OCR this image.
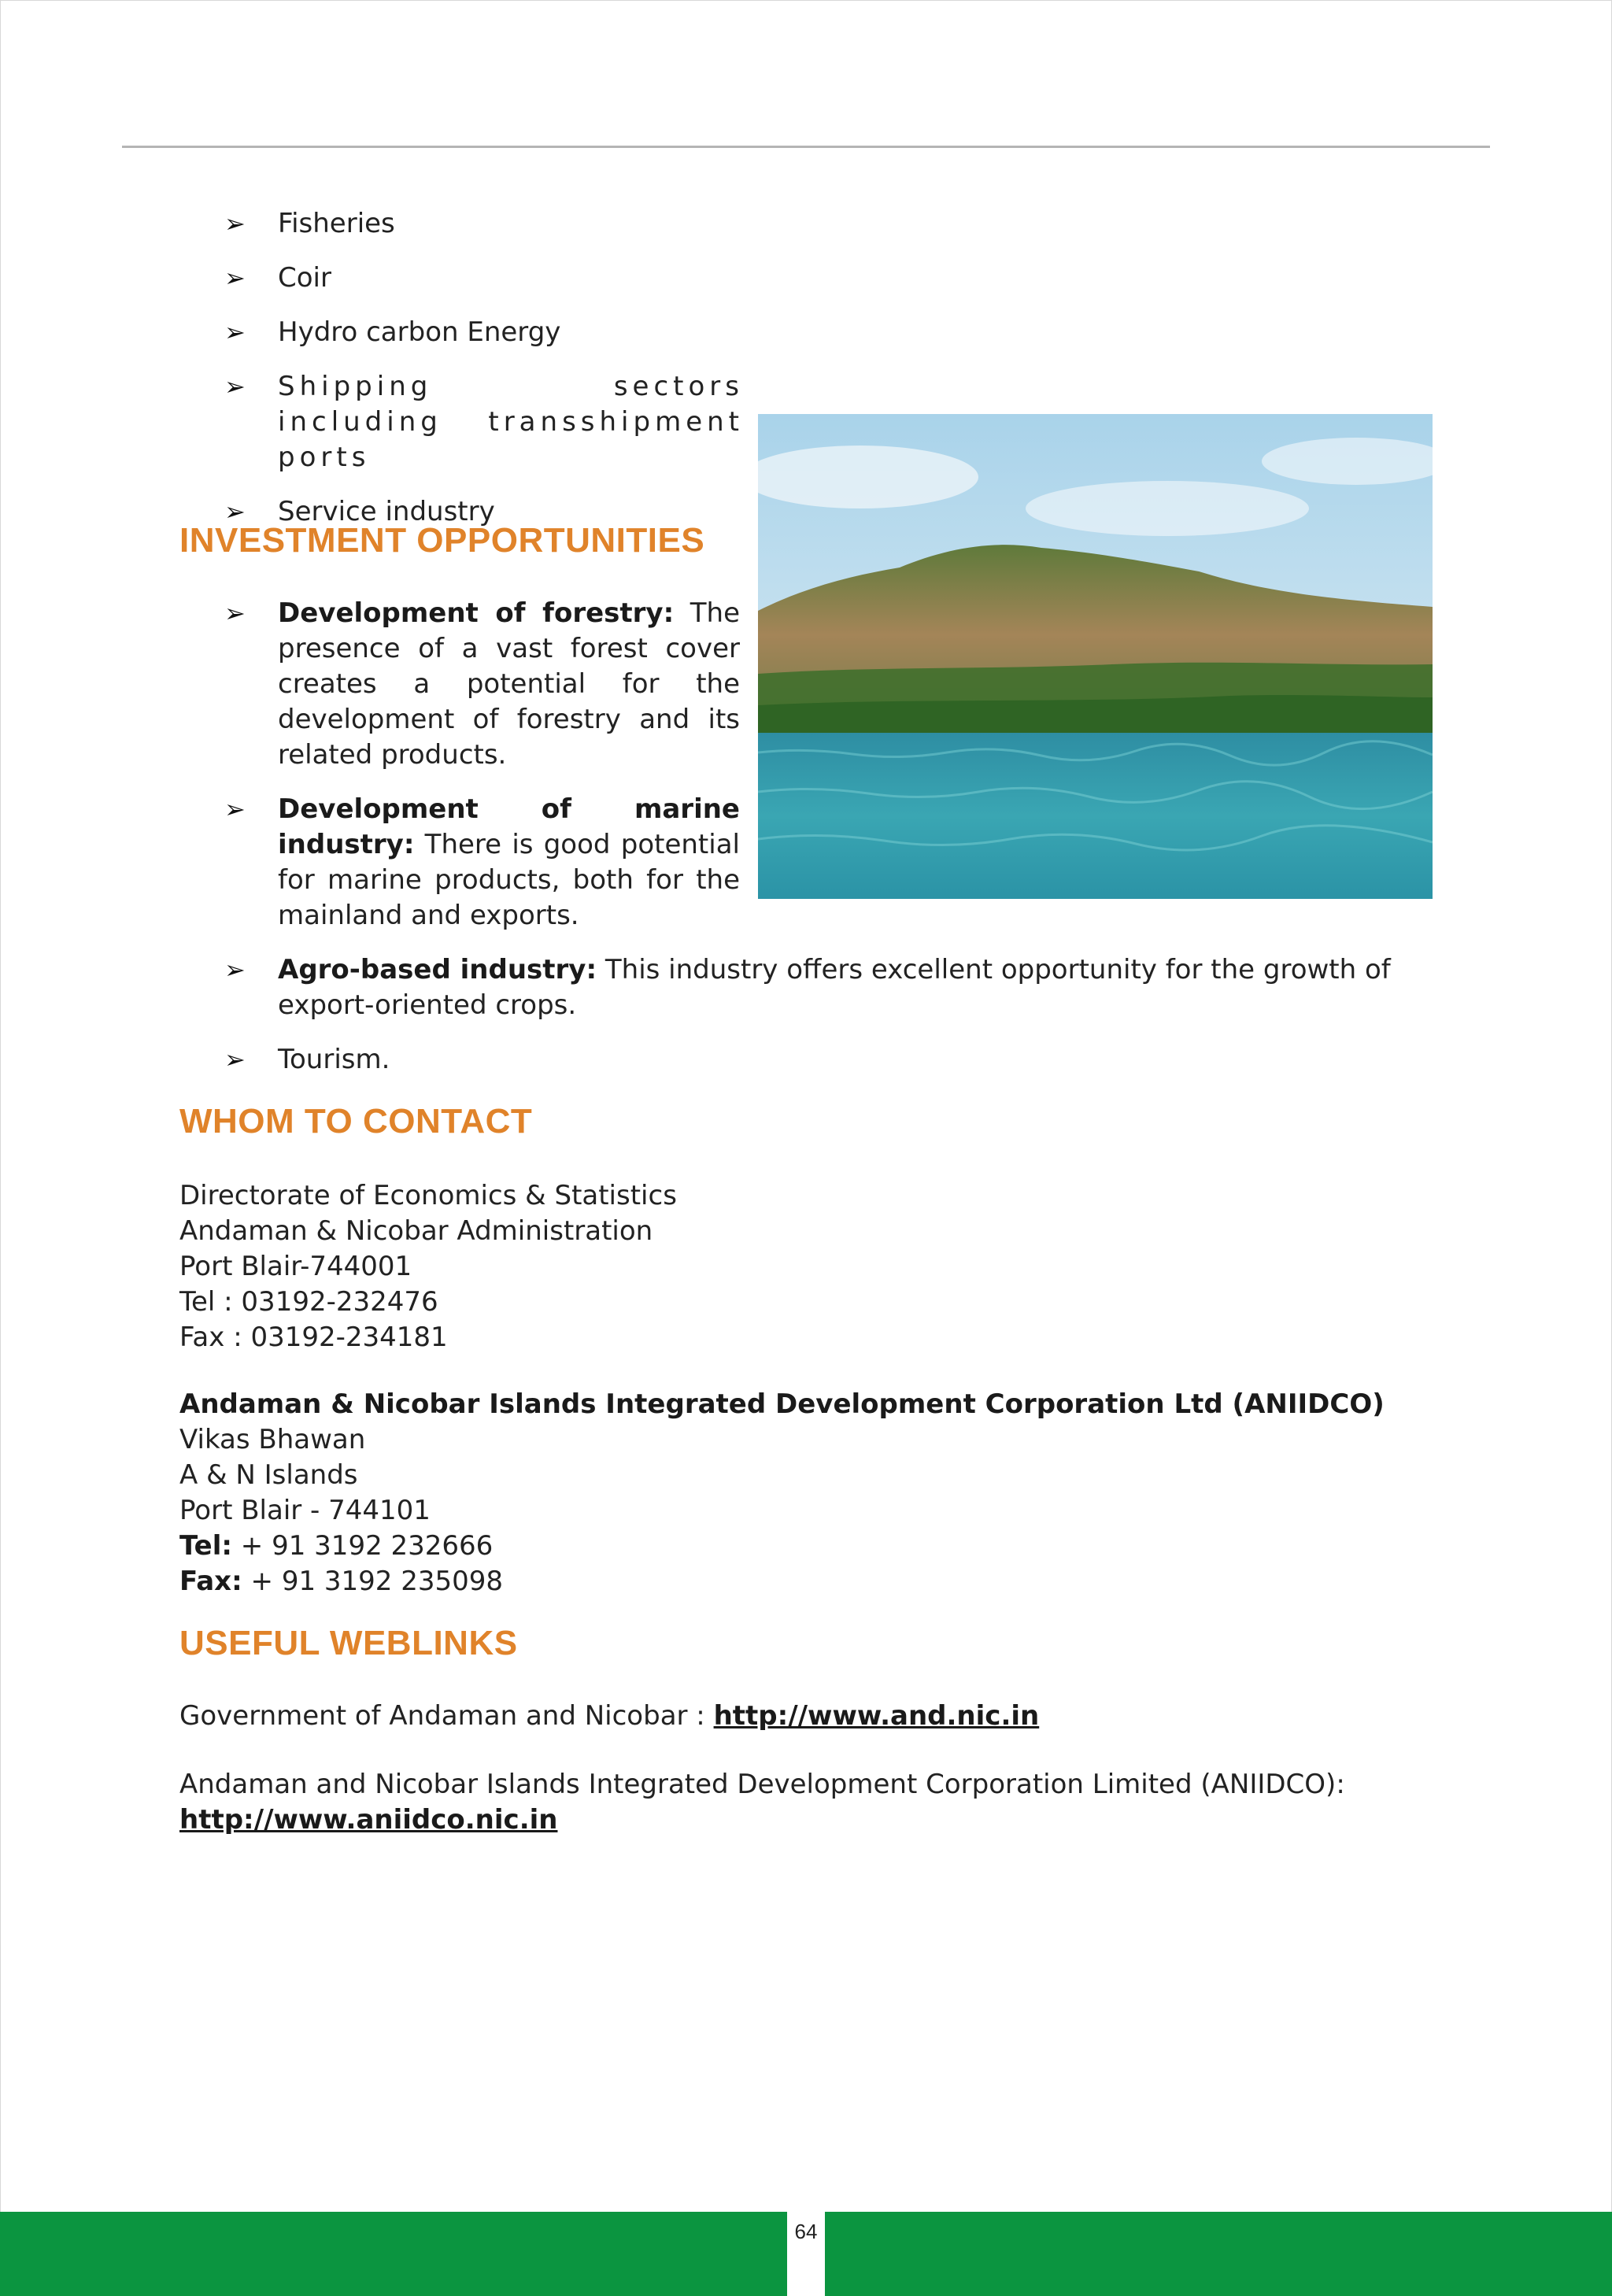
➢	Fisheries
➢	Coir
➢	Hydro carbon Energy
➢	Shipping sectors including transshipment ports
➢	Service industry
INVESTMENT OPPORTUNITIES
➢	Development of forestry: The presence of a vast forest cover creates a potential for the development of forestry and its related products.
➢	Development of marine industry: There is good potential for marine products, both for the mainland and exports.
➢	Agro-based industry: This industry offers excellent opportunity for the growth of export-oriented crops.
➢	Tourism.
WHOM TO CONTACT

Directorate of Economics & Statistics

Andaman & Nicobar Administration

Port Blair-744001

Tel : 03192-232476

Fax : 03192-234181

Andaman & Nicobar Islands Integrated Development Corporation Ltd (ANIIDCO)

Vikas Bhawan

A & N Islands

Port Blair - 744101

Tel: + 91 3192 232666

Fax: + 91 3192 235098

USEFUL WEBLINKS

Government of Andaman and Nicobar : http://www.and.nic.in

Andaman and Nicobar Islands Integrated Development Corporation Limited (ANIIDCO):

http://www.aniidco.nic.in

64
